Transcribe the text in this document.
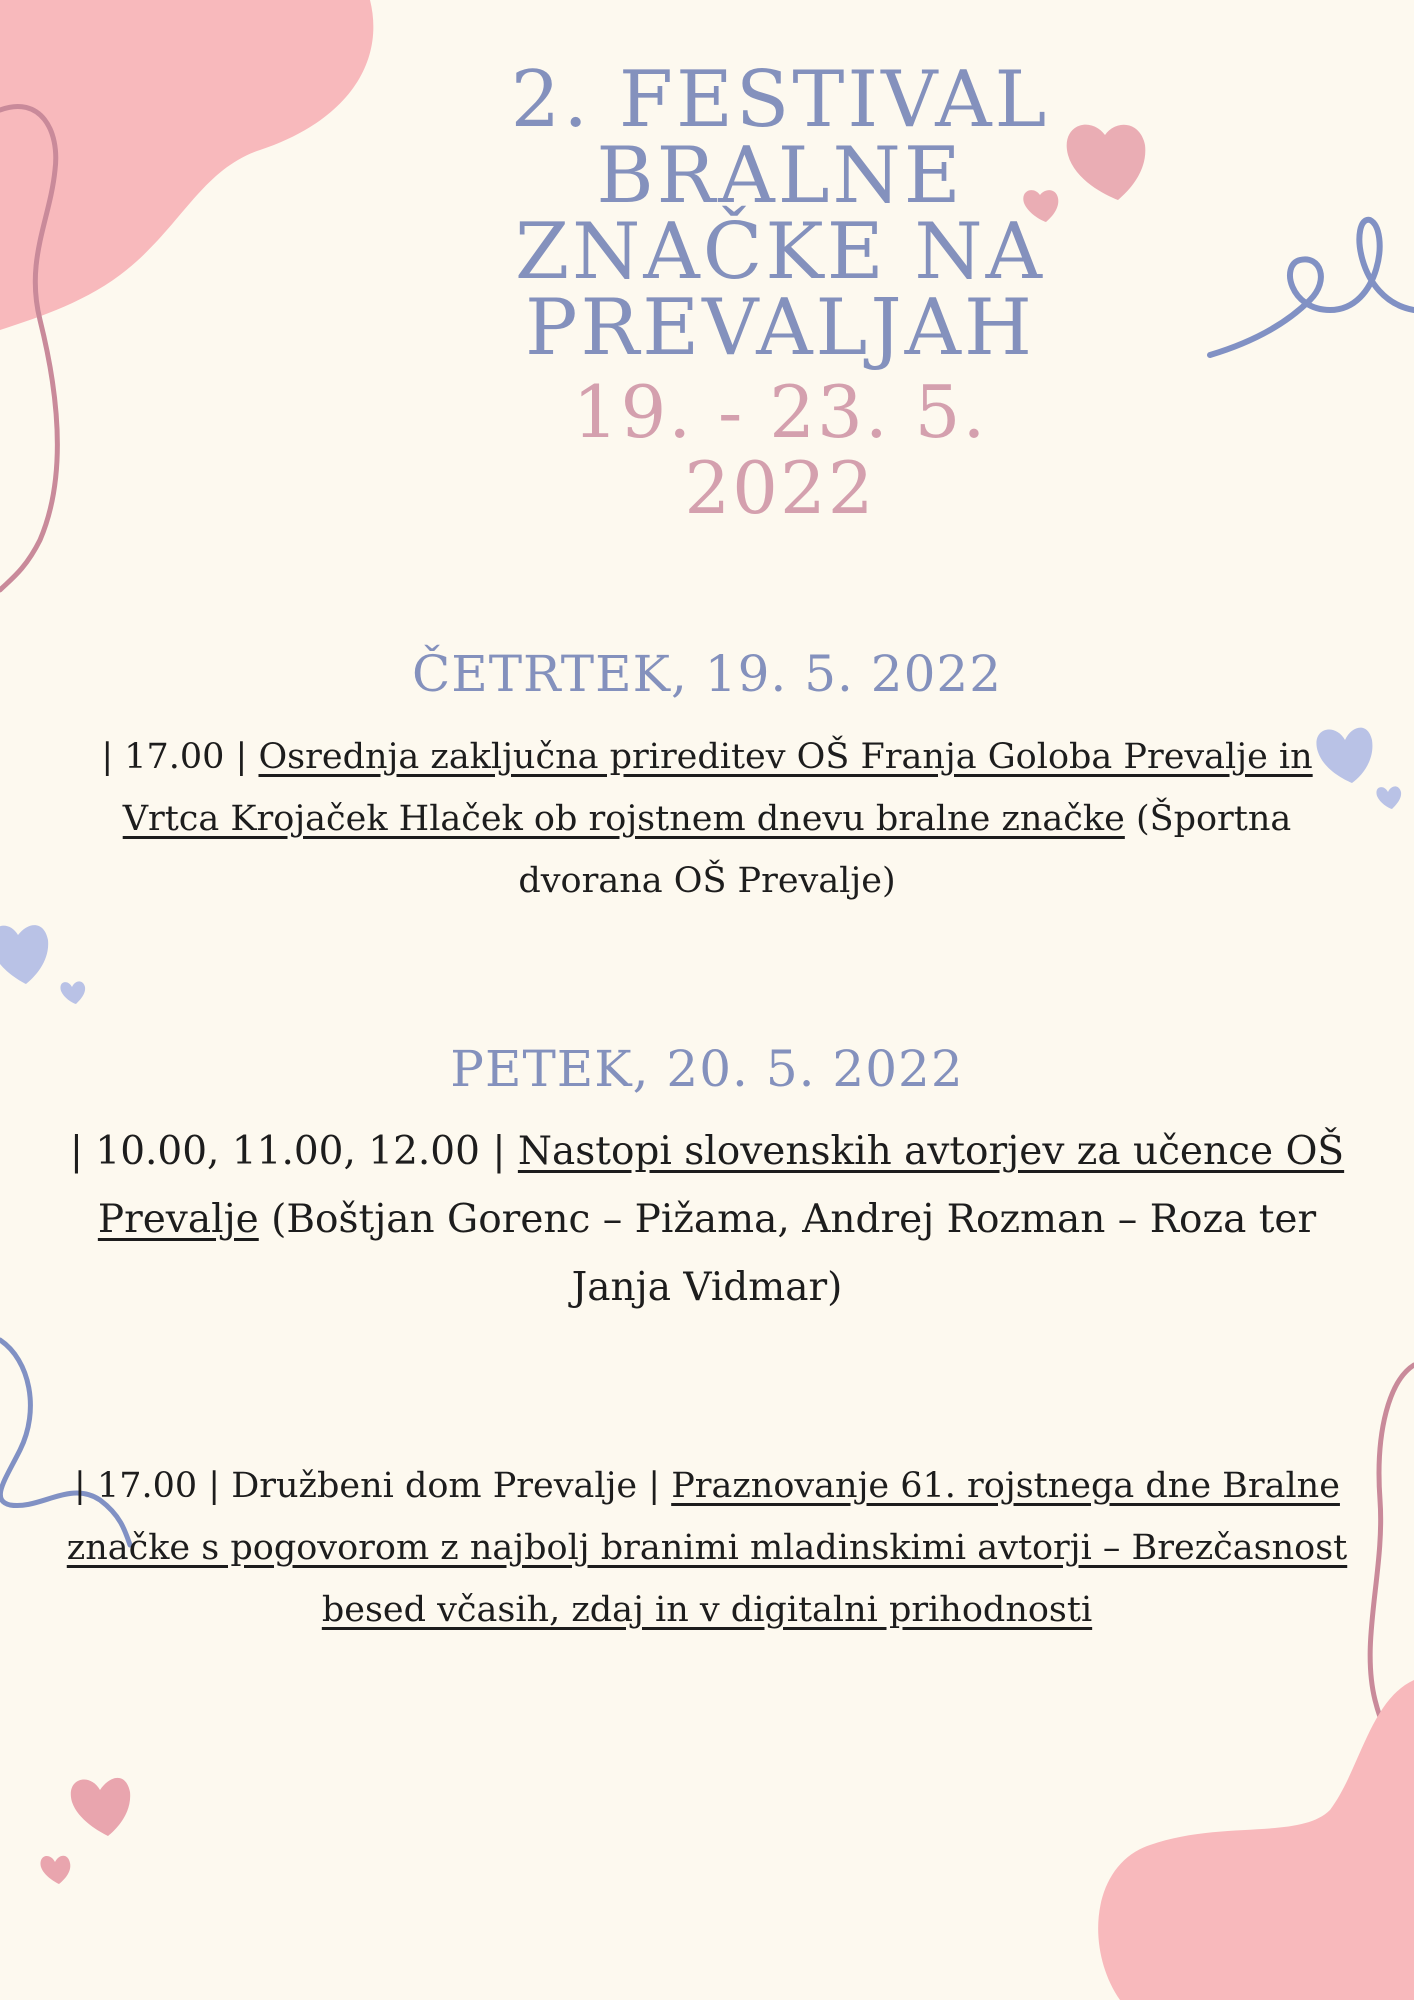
2. FESTIVAL
BRALNE
ZNAČKE NA
PREVALJAH
19. - 23. 5.
2022
ČETRTEK, 19. 5. 2022
| 17.00 | Osrednja zaključna prireditev OŠ Franja Goloba Prevalje in Vrtca Krojaček Hlaček ob rojstnem dnevu bralne značke (Športna dvorana OŠ Prevalje)
PETEK, 20. 5. 2022
| 10.00, 11.00, 12.00 | Nastopi slovenskih avtorjev za učence OŠ Prevalje (Boštjan Gorenc – Pižama, Andrej Rozman – Roza ter Janja Vidmar)
| 17.00 | Družbeni dom Prevalje | Praznovanje 61. rojstnega dne Bralne značke s pogovorom z najbolj branimi mladinskimi avtorji – Brezčasnost besed včasih, zdaj in v digitalni prihodnosti
